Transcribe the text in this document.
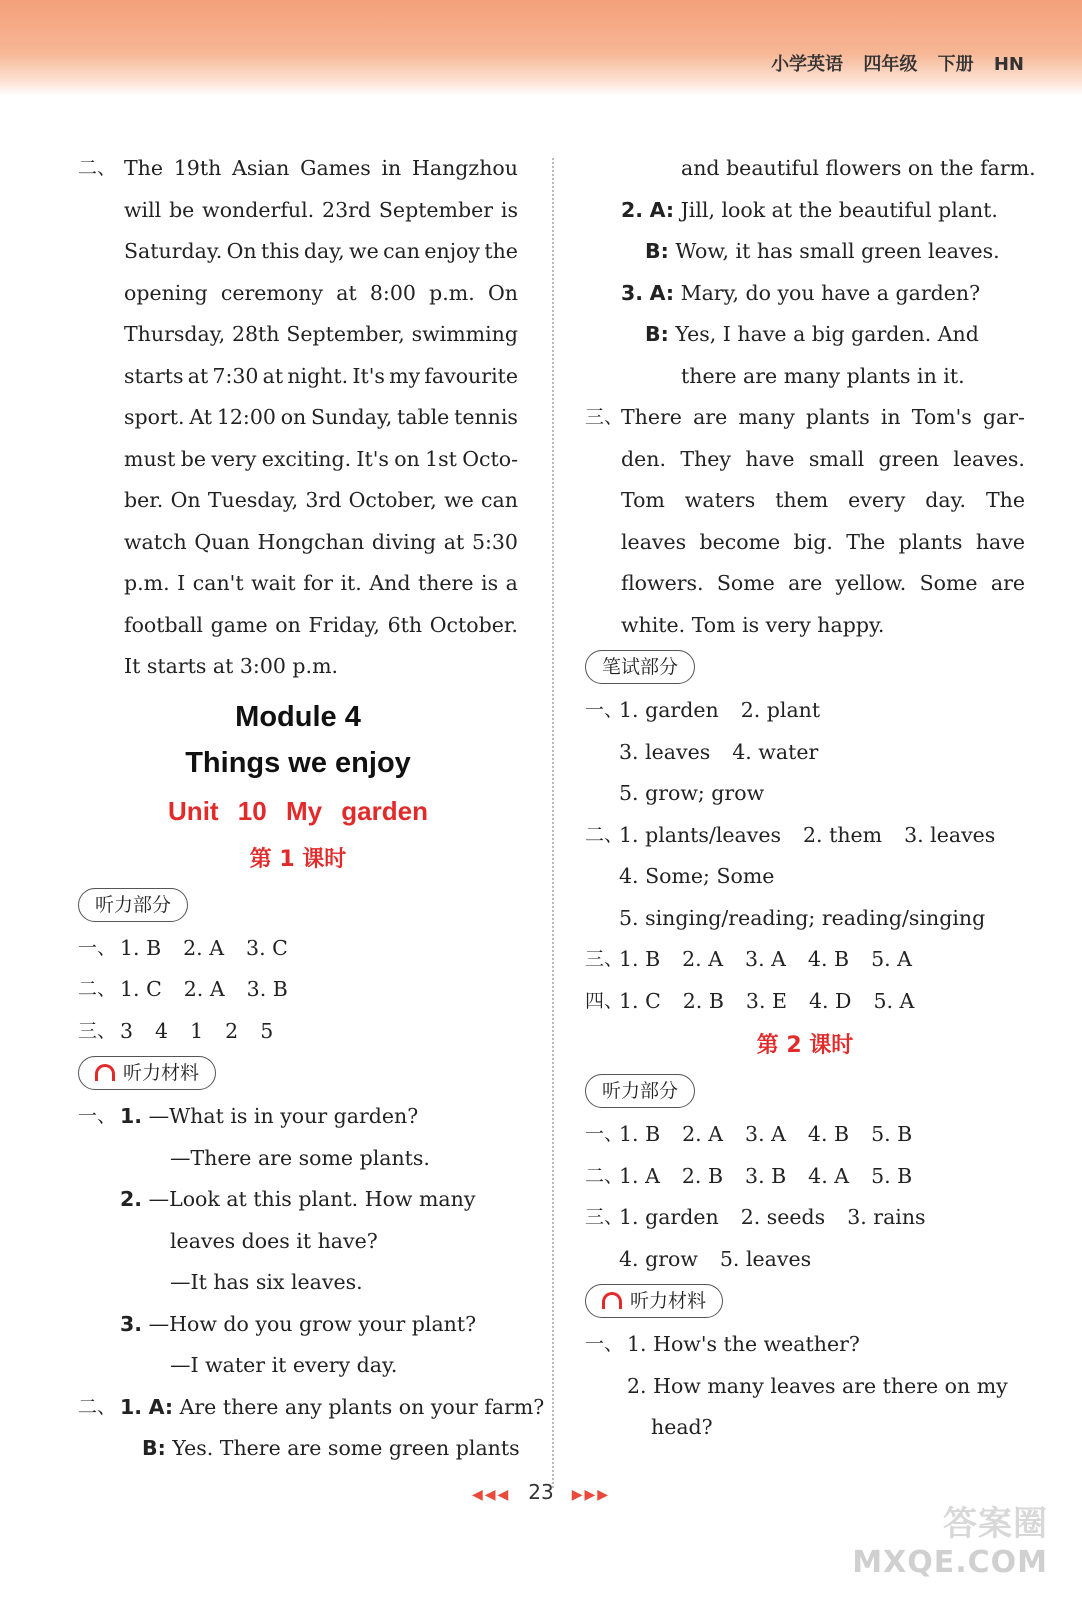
小学英语 四年级 下册 HN
二、 The 19th Asian Games in Hangzhou
will be wonderful. 23rd September is
Saturday. On this day, we can enjoy the
opening ceremony at 8:00 p.m. On
Thursday, 28th September, swimming
starts at 7:30 at night. It's my favourite
sport. At 12:00 on Sunday, table tennis
must be very exciting. It's on 1st Octo-
ber. On Tuesday, 3rd October, we can
watch Quan Hongchan diving at 5:30
p.m. I can't wait for it. And there is a
football game on Friday, 6th October.
It starts at 3:00 p.m.
Module 4
Things we enjoy
Unit 10 My garden
第 1 课时
听力部分
一、 1. B 2. A 3. C
二、 1. C 2. A 3. B
三、 3 4 1 2 5
听力材料
一、 1. —What is in your garden?
—There are some plants.
2. —Look at this plant. How many
leaves does it have?
—It has six leaves.
3. —How do you grow your plant?
—I water it every day.
二、 1. A: Are there any plants on your farm?
B: Yes. There are some green plants
and beautiful flowers on the farm.
2. A: Jill, look at the beautiful plant.
B: Wow, it has small green leaves.
3. A: Mary, do you have a garden?
B: Yes, I have a big garden. And
there are many plants in it.
三、
There are many plants in Tom's gar-
den. They have small green leaves.
Tom waters them every day. The
leaves become big. The plants have
flowers. Some are yellow. Some are
white. Tom is very happy.
笔试部分
一、
1. garden 2. plant
3. leaves 4. water
5. grow; grow
二、
1. plants/leaves 2. them 3. leaves
4. Some; Some
5. singing/reading; reading/singing
三、
1. B 2. A 3. A 4. B 5. A
四、
1. C 2. B 3. E 4. D 5. A
第 2 课时
听力部分
一、
1. B 2. A 3. A 4. B 5. B
二、
1. A 2. B 3. B 4. A 5. B
三、
1. garden 2. seeds 3. rains
4. grow 5. leaves
听力材料
一、 1. How's the weather?
2. How many leaves are there on my
head?
◀◀◀ 23 ▶▶▶
答案圈
MXQE.COM
